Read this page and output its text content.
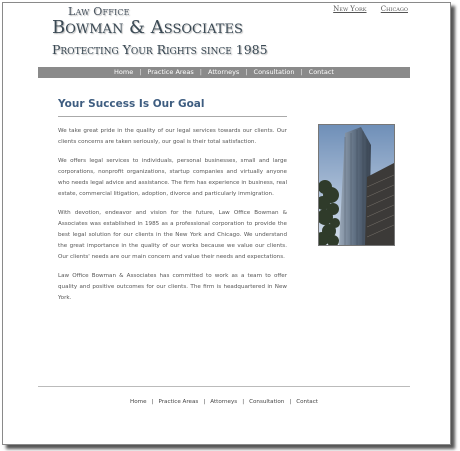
Law Office
Bowman & Associates
Protecting Your Rights since 1985
New York Chicago
Home | Practice Areas | Attorneys | Consultation | Contact
Your Success Is Our Goal

We take great pride in the quality of our legal services towards our clients. Our clients concerns are taken seriously, our goal is their total satisfaction.

We offers legal services to individuals, personal businesses, small and large corporations, nonprofit organizations, startup companies and virtually anyone who needs legal advice and assistance. The firm has experience in business, real estate, commercial litigation, adoption, divorce and particularly immigration.

With devotion, endeavor and vision for the future, Law Office Bowman & Associates was established in 1985 as a professional corporation to provide the best legal solution for our clients in the New York and Chicago. We understand the great importance in the quality of our works because we value our clients. Our clients' needs are our main concern and value their needs and expectations.

Law Office Bowman & Associates has committed to work as a team to offer quality and positive outcomes for our clients. The firm is headquartered in New York.

Home | Practice Areas | Attorneys | Consultation | Contact
